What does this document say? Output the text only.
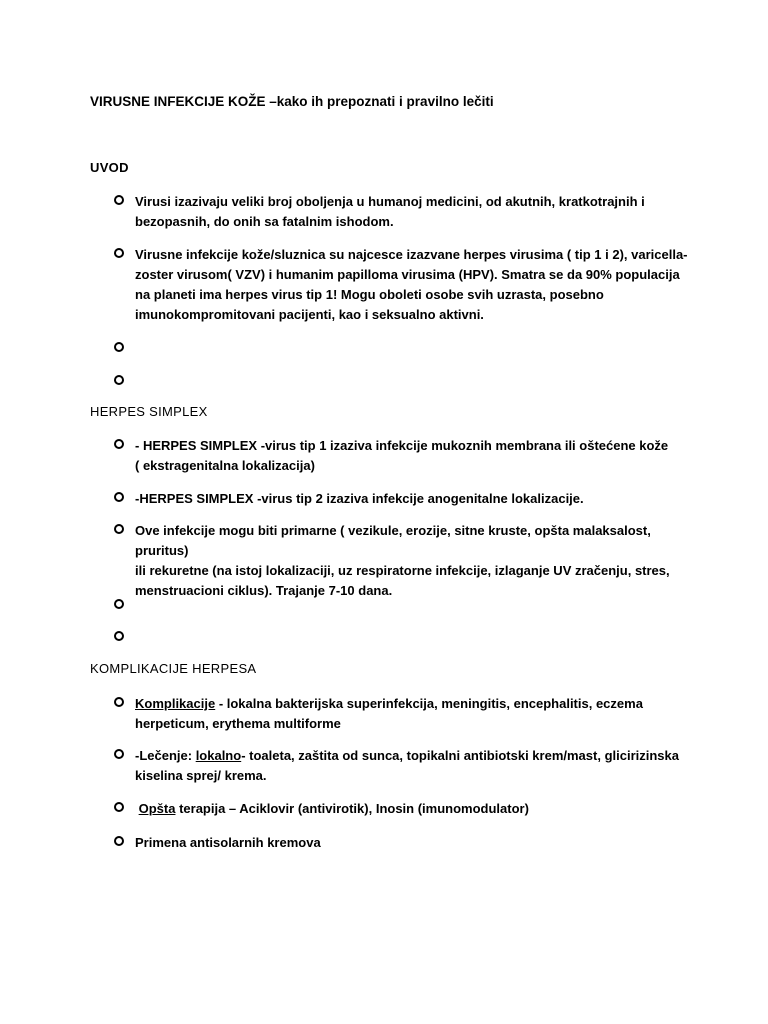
VIRUSNE INFEKCIJE KOŽE –kako ih prepoznati i pravilno lečiti
UVOD
Virusi izazivaju veliki broj oboljenja u humanoj medicini, od akutnih, kratkotrajnih i bezopasnih, do onih sa fatalnim ishodom.
Virusne infekcije kože/sluznica su najcesce izazvane herpes virusima ( tip 1 i 2), varicella-zoster virusom( VZV) i humanim papilloma virusima (HPV). Smatra se da 90% populacija na planeti ima herpes virus tip 1! Mogu oboleti osobe svih uzrasta, posebno imunokompromitovani pacijenti, kao i seksualno aktivni.
HERPES SIMPLEX
- HERPES SIMPLEX -virus tip 1 izaziva infekcije mukoznih membrana ili oštećene kože
( ekstragenitalna lokalizacija)
-HERPES SIMPLEX -virus tip 2 izaziva infekcije anogenitalne lokalizacije.
Ove infekcije mogu biti primarne ( vezikule, erozije, sitne kruste, opšta malaksalost, pruritus)
ili rekuretne (na istoj lokalizaciji, uz respiratorne infekcije, izlaganje UV zračenju, stres, menstruacioni ciklus). Trajanje 7-10 dana.
KOMPLIKACIJE HERPESA
Komplikacije - lokalna bakterijska superinfekcija, meningitis, encephalitis, eczema herpeticum, erythema multiforme
-Lečenje: lokalno- toaleta, zaštita od sunca, topikalni antibiotski krem/mast, glicirizinska kiselina sprej/ krema.
Opšta terapija – Aciklovir (antivirotik), Inosin (imunomodulator)
Primena antisolarnih kremova
